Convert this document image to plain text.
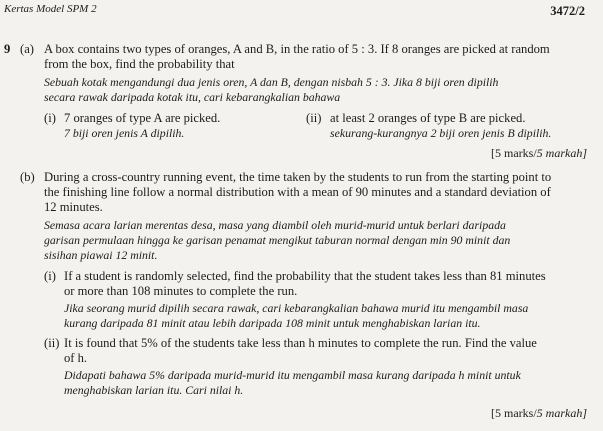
Kertas Model SPM 2	3472/2
9 (a) A box contains two types of oranges, A and B, in the ratio of 5 : 3. If 8 oranges are picked at random
from the box, find the probability that
Sebuah kotak mengandungi dua jenis oren, A dan B, dengan nisbah 5 : 3. Jika 8 biji oren dipilih
secara rawak daripada kotak itu, cari kebarangkalian bahawa
(i) 7 oranges of type A are picked.
7 biji oren jenis A dipilih.
(ii) at least 2 oranges of type B are picked.
sekurang-kurangnya 2 biji oren jenis B dipilih.
[5 marks/5 markah]
(b) During a cross-country running event, the time taken by the students to run from the starting point to
the finishing line follow a normal distribution with a mean of 90 minutes and a standard deviation of
12 minutes.
Semasa acara larian merentas desa, masa yang diambil oleh murid-murid untuk berlari daripada
garisan permulaan hingga ke garisan penamat mengikut taburan normal dengan min 90 minit dan
sisihan piawai 12 minit.
(i) If a student is randomly selected, find the probability that the student takes less than 81 minutes
or more than 108 minutes to complete the run.
Jika seorang murid dipilih secara rawak, cari kebarangkalian bahawa murid itu mengambil masa
kurang daripada 81 minit atau lebih daripada 108 minit untuk menghabiskan larian itu.
(ii) It is found that 5% of the students take less than h minutes to complete the run. Find the value
of h.
Didapati bahawa 5% daripada murid-murid itu mengambil masa kurang daripada h minit untuk
menghabiskan larian itu. Cari nilai h.
[5 marks/5 markah]
